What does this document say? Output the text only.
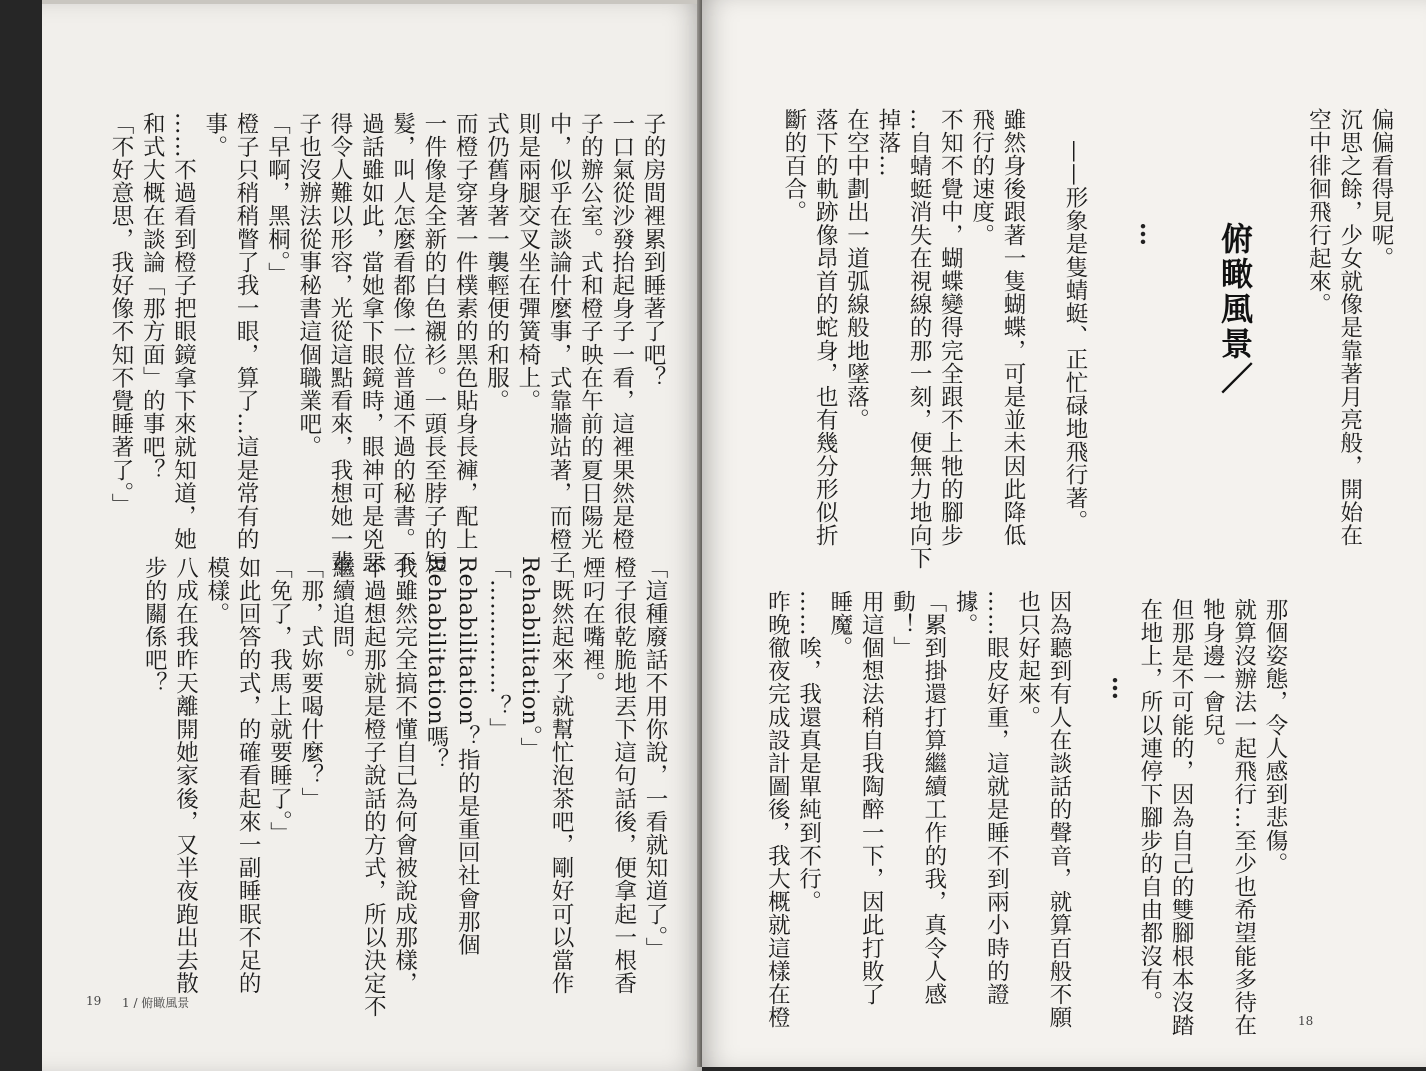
子的房間裡累到睡著了吧？
一口氣從沙發抬起身子一看，這裡果然是橙
子的辦公室。式和橙子映在午前的夏日陽光
中，似乎在談論什麼事，式靠牆站著，而橙子
則是兩腿交叉坐在彈簧椅上。
式仍舊身著一襲輕便的和服。
而橙子穿著一件樸素的黑色貼身長褲，配上
一件像是全新的白色襯衫。一頭長至脖子的短
髮，叫人怎麼看都像一位普通不過的秘書。不
過話雖如此，當她拿下眼鏡時，眼神可是兇惡
得令人難以形容，光從這點看來，我想她一輩
子也沒辦法從事秘書這個職業吧。
「早啊，黑桐。」
橙子只稍稍瞥了我一眼，算了…這是常有的
事。
……不過看到橙子把眼鏡拿下來就知道，她
和式大概在談論「那方面」的事吧？
「不好意思，我好像不知不覺睡著了。」
「這種廢話不用你說，一看就知道了。」
橙子很乾脆地丟下這句話後，便拿起一根香
煙叼在嘴裡。
「既然起來了就幫忙泡茶吧，剛好可以當作
Rehabilitation。」
「……………？」
Rehabilitation？指的是重回社會那個
Rehabilitation嗎？
我雖然完全搞不懂自己為何會被說成那樣，
不過想起那就是橙子說話的方式，所以決定不
繼續追問。
「那，式妳要喝什麼？」
「免了，我馬上就要睡了。」
如此回答的式，的確看起來一副睡眠不足的
模樣。
八成在我昨天離開她家後，又半夜跑出去散
步的關係吧？
19 1 / 俯瞰風景
偏偏看得見呢。
沉思之餘，少女就像是靠著月亮般，開始在
空中徘徊飛行起來。
俯瞰風景／
…
——形象是隻蜻蜓、正忙碌地飛行著。
雖然身後跟著一隻蝴蝶，可是並未因此降低
飛行的速度。
不知不覺中，蝴蝶變得完全跟不上牠的腳步
…自蜻蜓消失在視線的那一刻，便無力地向下
掉落…
在空中劃出一道弧線般地墜落。
落下的軌跡像昂首的蛇身，也有幾分形似折
斷的百合。
那個姿態，令人感到悲傷。
就算沒辦法一起飛行…至少也希望能多待在
牠身邊一會兒。
但那是不可能的，因為自己的雙腳根本沒踏
在地上，所以連停下腳步的自由都沒有。
…
因為聽到有人在談話的聲音，就算百般不願
也只好起來。
……眼皮好重，這就是睡不到兩小時的證
據。
「累到掛還打算繼續工作的我，真令人感
動！」
用這個想法稍自我陶醉一下，因此打敗了
睡魔。
……唉，我還真是單純到不行。
昨晚徹夜完成設計圖後，我大概就這樣在橙	18
